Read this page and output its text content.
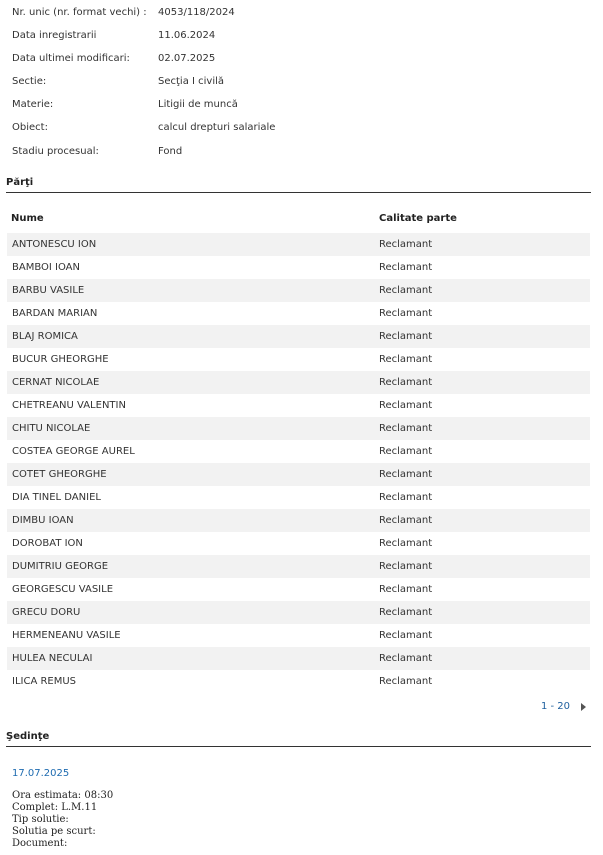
Nr. unic (nr. format vechi) : 4053/118/2024
Data inregistrarii	11.06.2024
Data ultimei modificari:	02.07.2025
Sectie:	Secţia I civilă
Materie:	Litigii de muncă
Obiect:	calcul drepturi salariale
Stadiu procesual:	Fond
Părţi
Nume	Calitate parte
ANTONESCU ION	Reclamant
BAMBOI IOAN	Reclamant
BARBU VASILE	Reclamant
BARDAN MARIAN	Reclamant
BLAJ ROMICA	Reclamant
BUCUR GHEORGHE	Reclamant
CERNAT NICOLAE	Reclamant
CHETREANU VALENTIN	Reclamant
CHITU NICOLAE	Reclamant
COSTEA GEORGE AUREL	Reclamant
COTET GHEORGHE	Reclamant
DIA TINEL DANIEL	Reclamant
DIMBU IOAN	Reclamant
DOROBAT ION	Reclamant
DUMITRIU GEORGE	Reclamant
GEORGESCU VASILE	Reclamant
GRECU DORU	Reclamant
HERMENEANU VASILE	Reclamant
HULEA NECULAI	Reclamant
ILICA REMUS	Reclamant
1 - 20
Şedinţe
17.07.2025
Ora estimata: 08:30
Complet: L.M.11
Tip solutie:
Solutia pe scurt:
Document:
